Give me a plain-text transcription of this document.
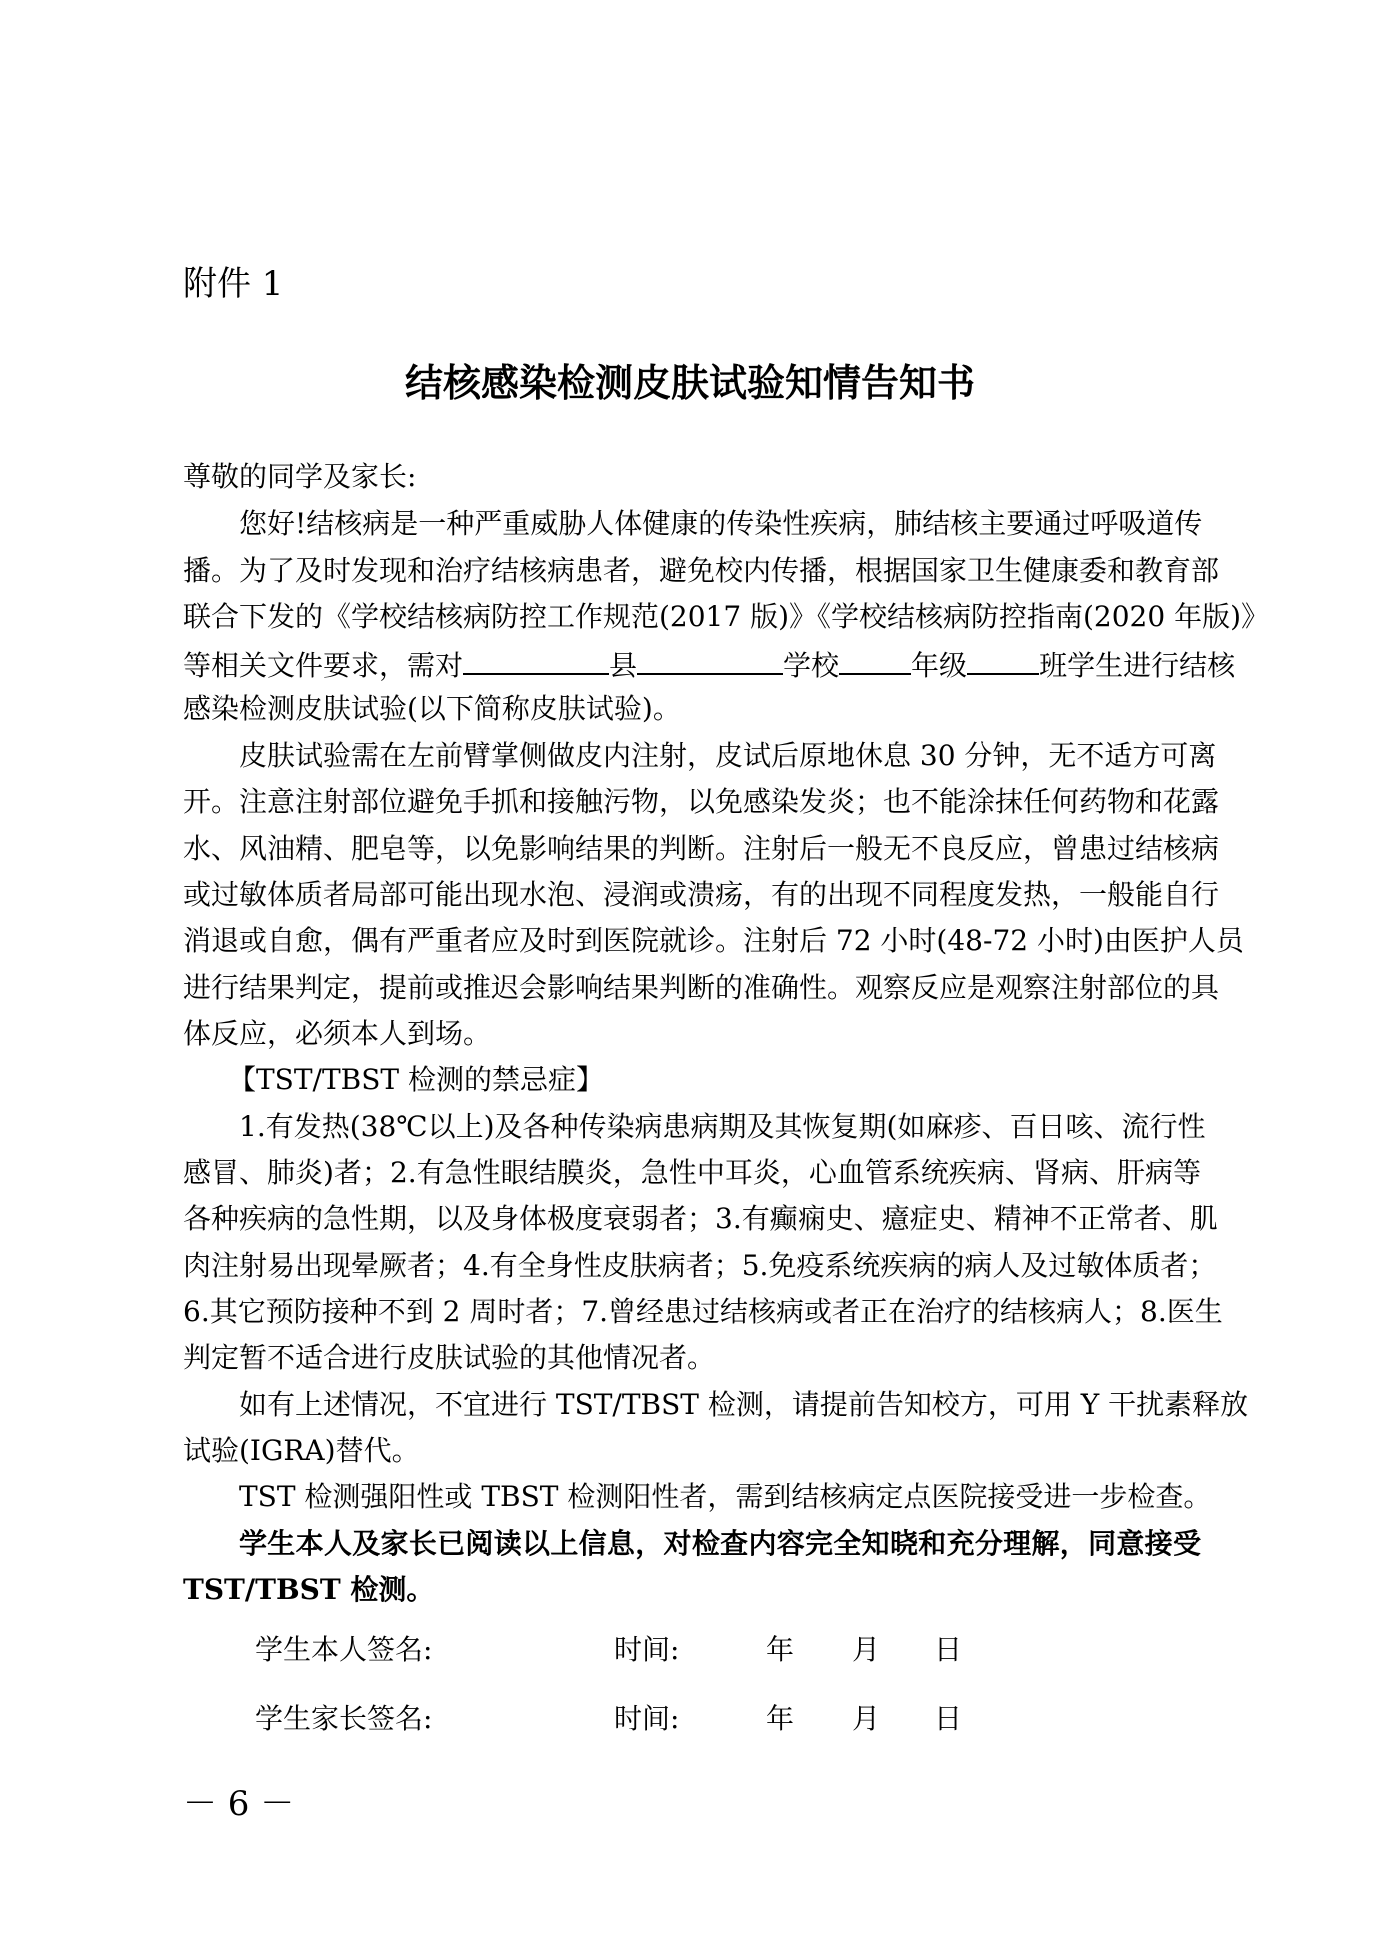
附件 1
结核感染检测皮肤试验知情告知书
尊敬的同学及家长:
您好!结核病是一种严重威胁人体健康的传染性疾病，肺结核主要通过呼吸道传
播。为了及时发现和治疗结核病患者，避免校内传播，根据国家卫生健康委和教育部
联合下发的《学校结核病防控工作规范(2017 版)》《学校结核病防控指南(2020 年版)》
等相关文件要求，需对	县	学校	年级	班学生进行结核
感染检测皮肤试验(以下简称皮肤试验)。
皮肤试验需在左前臂掌侧做皮内注射，皮试后原地休息 30 分钟，无不适方可离
开。注意注射部位避免手抓和接触污物，以免感染发炎；也不能涂抹任何药物和花露
水、风油精、肥皂等，以免影响结果的判断。注射后一般无不良反应，曾患过结核病
或过敏体质者局部可能出现水泡、浸润或溃疡，有的出现不同程度发热，一般能自行
消退或自愈，偶有严重者应及时到医院就诊。注射后 72 小时(48-72 小时)由医护人员
进行结果判定，提前或推迟会影响结果判断的准确性。观察反应是观察注射部位的具
体反应，必须本人到场。
【TST/TBST 检测的禁忌症】
1.有发热(38℃以上)及各种传染病患病期及其恢复期(如麻疹、百日咳、流行性
感冒、肺炎)者；2.有急性眼结膜炎，急性中耳炎，心血管系统疾病、肾病、肝病等
各种疾病的急性期，以及身体极度衰弱者；3.有癫痫史、癔症史、精神不正常者、肌
肉注射易出现晕厥者；4.有全身性皮肤病者；5.免疫系统疾病的病人及过敏体质者；
6.其它预防接种不到 2 周时者；7.曾经患过结核病或者正在治疗的结核病人；8.医生
判定暂不适合进行皮肤试验的其他情况者。
如有上述情况，不宜进行 TST/TBST 检测，请提前告知校方，可用 Y 干扰素释放
试验(IGRA)替代。
TST 检测强阳性或 TBST 检测阳性者，需到结核病定点医院接受进一步检查。
学生本人及家长已阅读以上信息，对检查内容完全知晓和充分理解，同意接受
TST/TBST 检测。
学生本人签名:	时间:	年 月 日
学生家长签名:	时间:	年 月 日
－ 6 －
